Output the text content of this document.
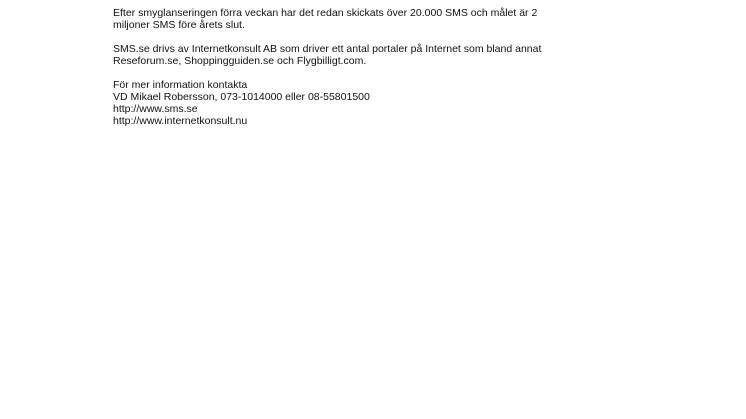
Efter smyglanseringen förra veckan har det redan skickats över 20.000 SMS och målet är 2
miljoner SMS före årets slut.

SMS.se drivs av Internetkonsult AB som driver ett antal portaler på Internet som bland annat
Reseforum.se, Shoppingguiden.se och Flygbilligt.com.

För mer information kontakta
VD Mikael Robersson, 073-1014000 eller 08-55801500
http://www.sms.se
http://www.internetkonsult.nu
